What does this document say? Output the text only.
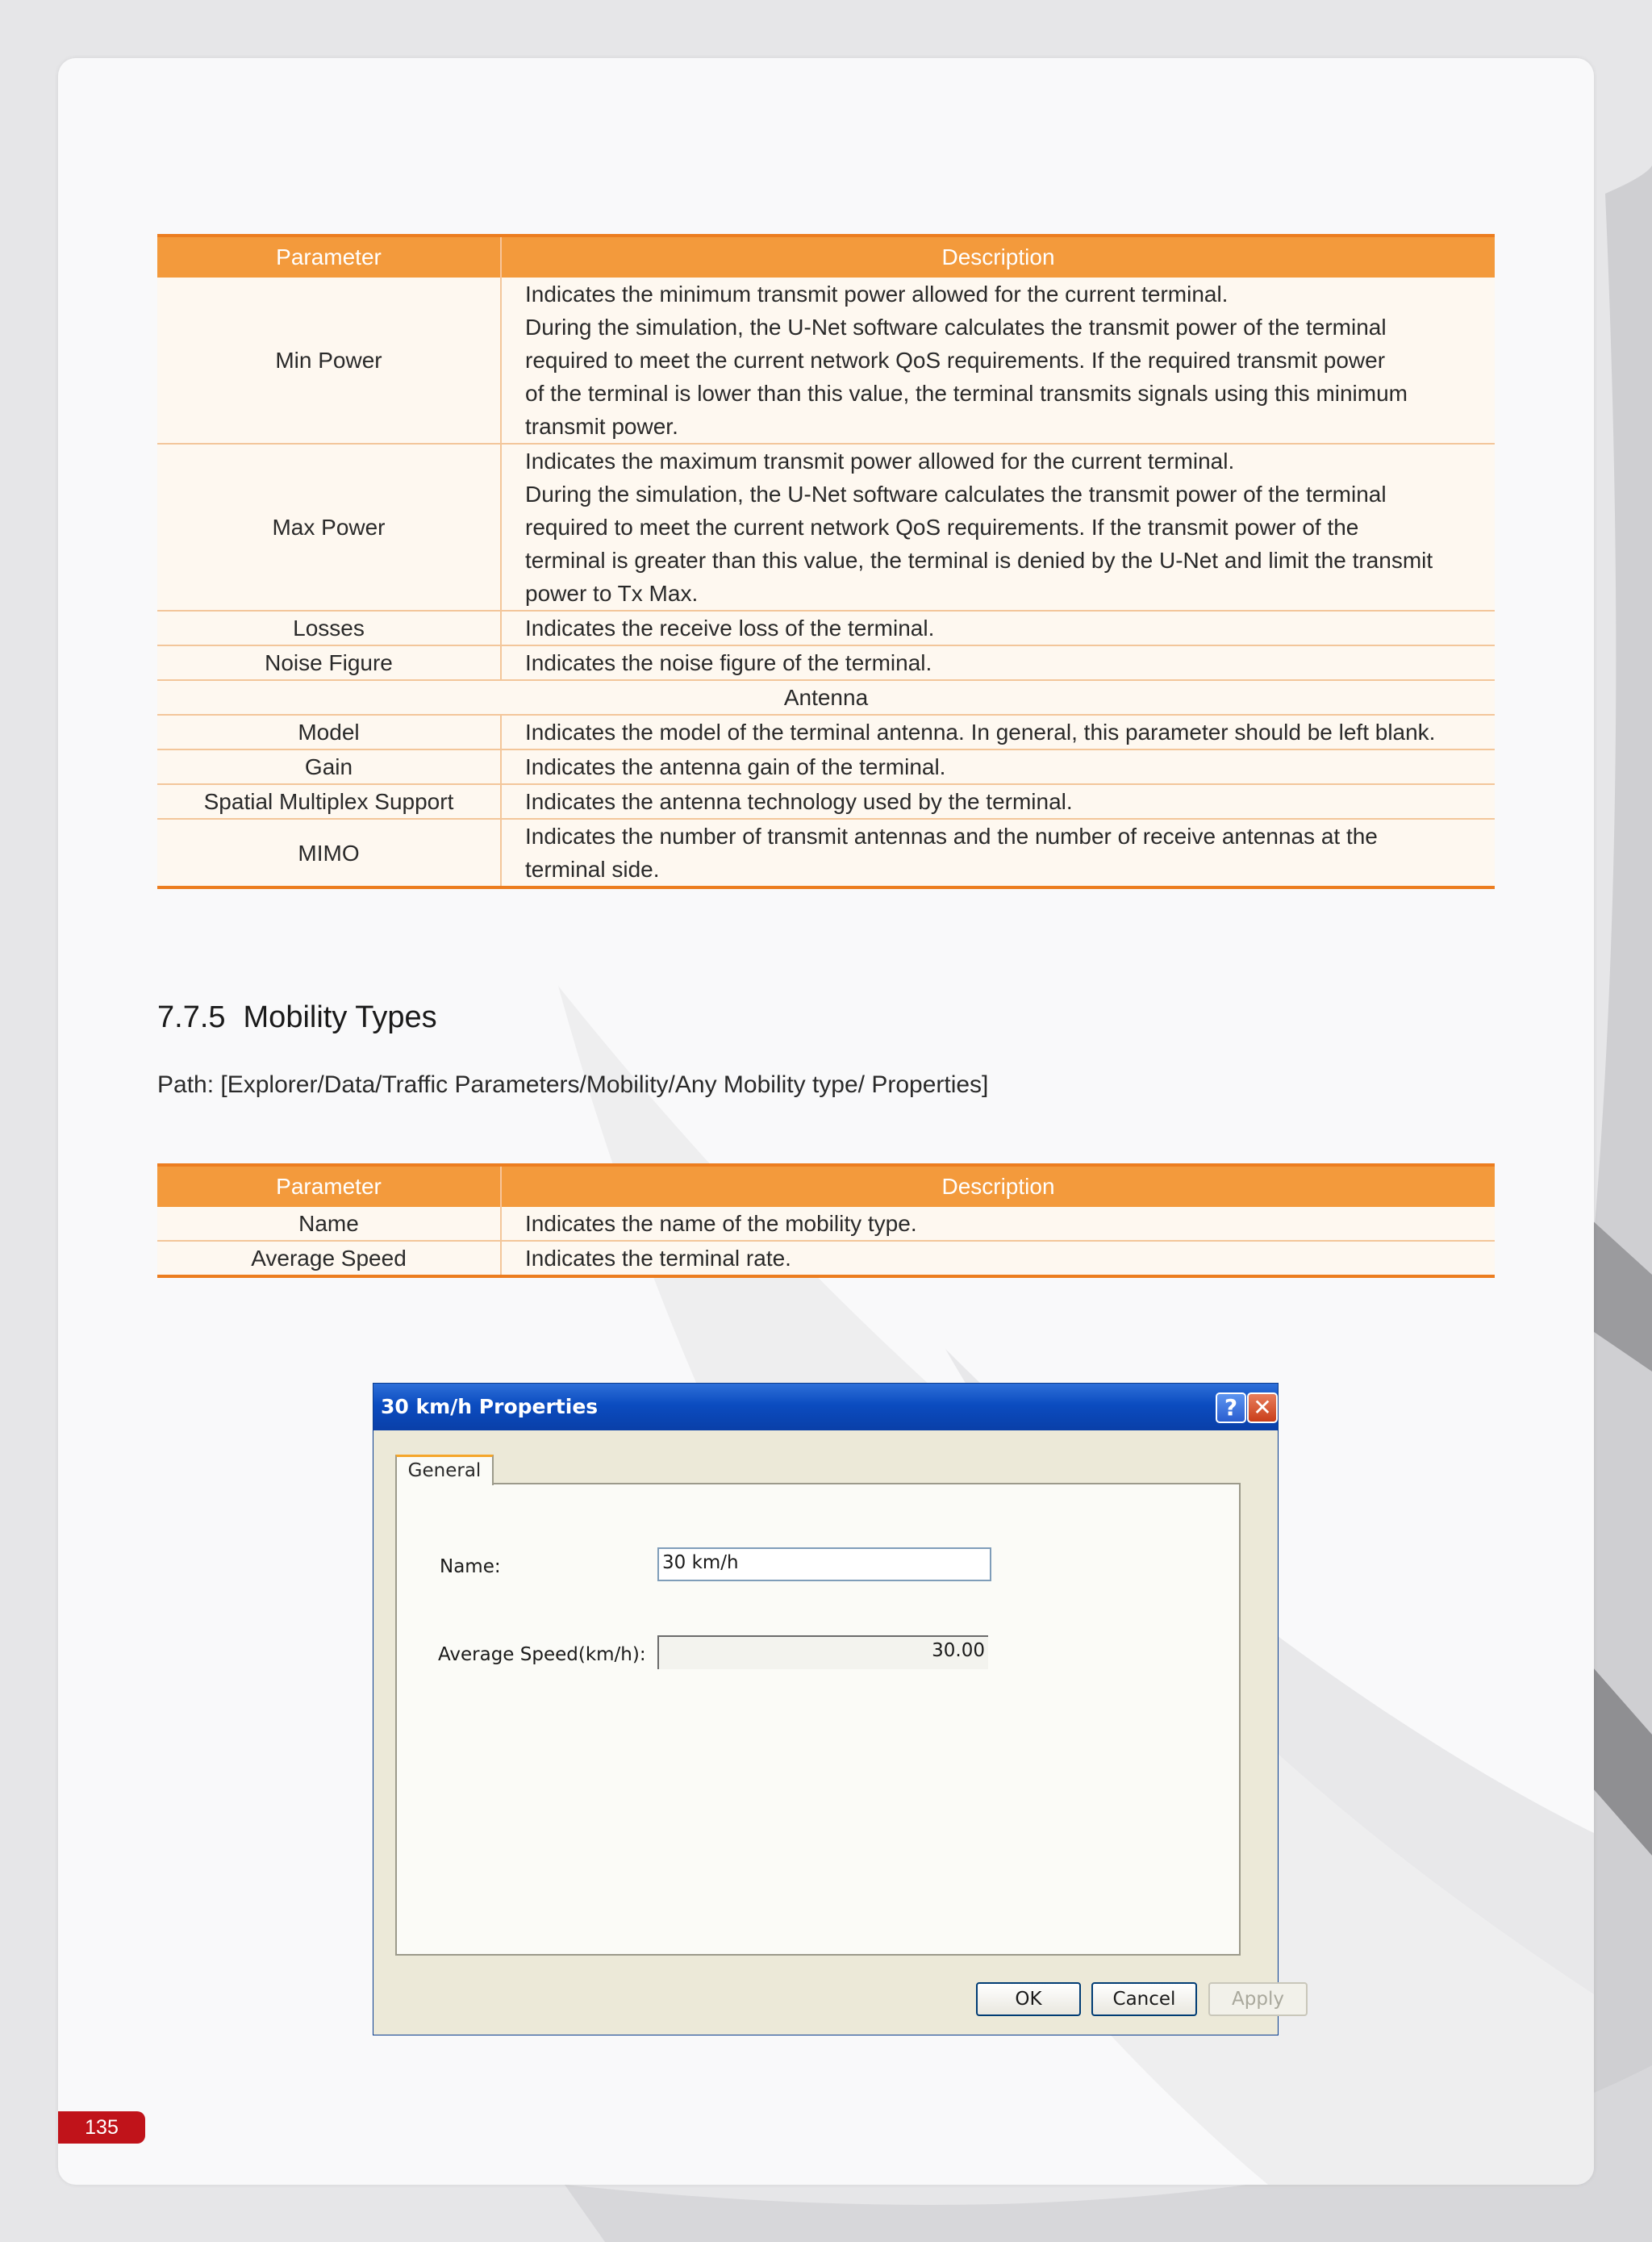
Parameter	Description
Min Power	Indicates the minimum transmit power allowed for the current terminal.
During the simulation, the U-Net software calculates the transmit power of the terminal
required to meet the current network QoS requirements. If the required transmit power
of the terminal is lower than this value, the terminal transmits signals using this minimum
transmit power.

Max Power	Indicates the maximum transmit power allowed for the current terminal.
During the simulation, the U-Net software calculates the transmit power of the terminal
required to meet the current network QoS requirements. If the transmit power of the
terminal is greater than this value, the terminal is denied by the U-Net and limit the transmit
power to Tx Max.

Losses	Indicates the receive loss of the terminal.
Noise Figure	Indicates the noise figure of the terminal.
Antenna	
Model	Indicates the model of the terminal antenna. In general, this parameter should be left blank.
Gain	Indicates the antenna gain of the terminal.
Spatial Multiplex Support	Indicates the antenna technology used by the terminal.
MIMO	Indicates the number of transmit antennas and the number of receive antennas at the
terminal side.
7.7.5 Mobility Types
Path: [Explorer/Data/Traffic Parameters/Mobility/Any Mobility type/ Properties]
Parameter	Description
Name	Indicates the name of the mobility type.
Average Speed	Indicates the terminal rate.
30 km/h Properties	? ✕
General
Name:	30 km/h
Average Speed(km/h):	30.00
OK	Cancel	Apply
135
